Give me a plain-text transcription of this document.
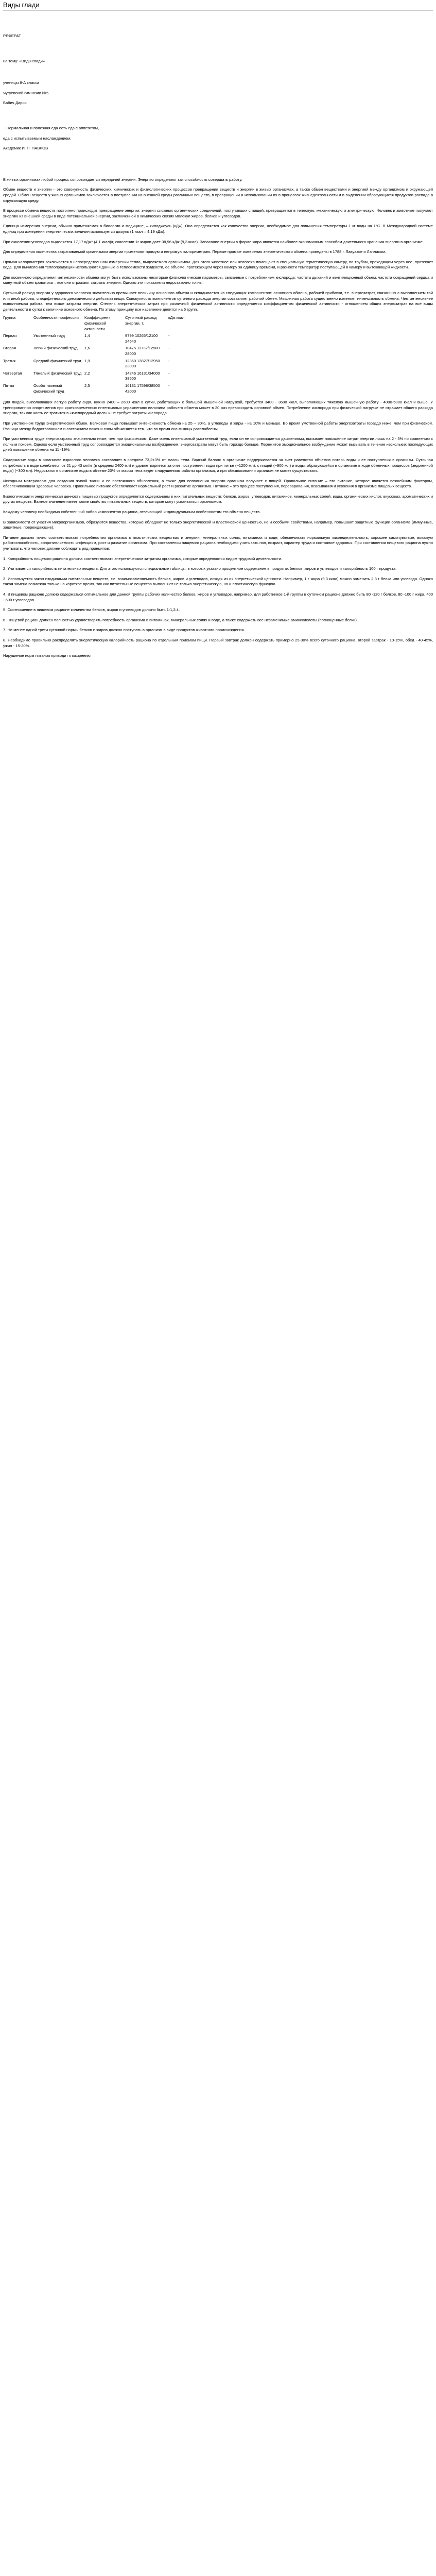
Виды глади

РЕФЕРАТ

на тему: «Виды глади»

ученицы 8-А класса

Чугуевской гимназии №5

Бабич Дарьи

...Нормальная и полезная еда есть еда с аппетитом,

еда с испытываемым наслаждением.

Академик И. П. ПАВЛОВ

В живых организмах любой процесс сопровождается передачей энергии. Энергию определяют как способность совершать работу.

Обмен веществ и энергии – это совокупность физических, химических и физиологических процессов превращения веществ и энергии в живых организмах, а также обмен веществами и энергией между организмом и окружающей средой. Обмен веществ у живых организмов заключается в поступлении из внешней среды различных веществ, в превращении и использовании их в процессах жизнедеятельности и в выделении образующихся продуктов распада в окружающую среду.

В процессе обмена веществ постоянно происходит превращение энергии: энергия сложных органических соединений, поступивших с пищей, превращается в тепловую, механическую и электрическую. Человек и животные получают энергию из внешней среды в виде потенциальной энергии, заключенной в химических связях молекул жиров, белков и углеводов.

Единица измерения энергии, обычно применяемая в биологии и медицине, – килоджоуль (кДж). Она определяется как количество энергии, необходимое для повышения температуры 1 кг воды на 1°С. В Международной системе единиц при измерении энергетических величин используется джоуль (1 ккал = 4,19 кДж).

При окислении углеводов выделяется 17,17 кДж* (4,1 ккал)/г, окислении 1г жиров дает 38,96 кДж (9,3 ккал). Запасание энергии в форме жира является наиболее экономичным способом длительного хранения энергии в организме.

Для определения количества затрачиваемой организмом энергии применяют прямую и непрямую калориметрию. Первые прямые измерения энергетического обмена проведены в 1788 г. Лавуазье и Лапласом.

Прямая калориметрия заключается в непосредственном измерении тепла, выделяемого организмом. Для этого животное или человека помещают в специальную герметическую камеру, по трубам, проходящим через нее, протекает вода. Для вычисления теплопродукции используются данные о теплоемкости жидкости, ее объеме, протекающем через камеру за единицу времени, и разности температур поступающей в камеру и вытекающей жидкости.

Для косвенного определения интенсивности обмена могут быть использованы некоторые физиологические параметры, связанные с потреблением кислорода: частота дыханий и вентиляционный объем, частота сокращений сердца и минутный объем кровотока – все они отражают затраты энергии. Однако эти показатели недостаточно точны.

Суточный расход энергии у здорового человека значительно превышает величину основного обмена и складывается из следующих компонентов: основного обмена, рабочей прибавки, т.е. энергозатрат, связанных с выполнением той или иной работы, специфического динамического действия пищи. Совокупность компонентов суточного расхода энергии составляет рабочий обмен. Мышечная работа существенно изменяет интенсивность обмена. Чем интенсивнее выполняемая работа, тем выше затраты энергии. Степень энергетических затрат при различной физической активности определяется коэффициентом физической активности - отношением общих энергозатрат на все виды деятельности в сутки к величине основного обмена. По этому принципу все население делится на 5 групп.

Группа	Особенности профессии	Коэффициент физической активности	Суточный расход энергии, т.	кДж ккал
Первая	Умственный труд	1,4	9799 10265/12100 24540	-
Вторая	Легкий физический труд	1,6	10475 11732/12500 28000	-
Третья	Средний физический труд	1,9	12360 13827/12950 33000	-
Четвертая	Тяжелый физический труд	2,2	14246 16131/34000 38500	-
Пятая	Особо тяжелый физический труд	2,5	16131 17598/38500 42000	-

Для людей, выполняющих легкую работу сидя, нужно 2400 – 2600 ккал в сутки, работающих с большой мышечной нагрузкой, требуется 3400 - 3600 ккал, выполняющих тяжелую мышечную работу - 4000-5000 ккал и выше. У тренированных спортсменов при кратковременных интенсивных упражнениях величина рабочего обмена может в 20 раз превосходить основной обмен. Потребление кислорода при физической нагрузке не отражает общего расхода энергии, так как часть ее тратится в «кислородный долг» и не требует затраты кислорода.

При умственном труде энергетический обмен. Белковая пища повышает интенсивность обмена на 25 – 30%, а углеводы и жиры - на 10% и меньше. Во время умственной работы энергозатраты гораздо ниже, чем при физической. Разница между бодрствованием и состоянием покоя и сном объясняется тем, что во время сна мышцы расслаблены.

При умственном труде энергозатраты значительно ниже, чем при физическом. Даже очень интенсивный умственный труд, если он не сопровождается движениями, вызывает повышение затрат энергии лишь на 2 - 3% по сравнению с полным покоем. Однако если умственный труд сопровождается эмоциональным возбуждением, энергозатраты могут быть гораздо больше. Пережитое эмоциональное возбуждение может вызывать в течение нескольких последующих дней повышение обмена на 11 -19%.

Содержание воды в организме взрослого человека составляет в среднем 73,2±3% от массы тела. Водный баланс в организме поддерживается за счет равенства объемов потерь воды и ее поступления в организм. Суточная потребность в воде колеблется от 21 до 43 мл/кг (в среднем 2400 мл) и удовлетворяется за счет поступления воды при питье (~1200 мл), с пищей (~900 мл) и воды, образующейся в организме в ходе обменных процессов (эндогенной воды) (~300 мл). Недостаток в организме воды в объеме 20% от массы тела ведет к нарушениям работы организма, а при обезвоживании организм не может существовать.

Исходным материалом для создания живой ткани и ее постоянного обновления, а также для пополнения энергии организм получает с пищей. Правильное питание – это питание, которое является важнейшим фактором, обеспечивающим здоровье человека. Правильное питание обеспечивает нормальный рост и развитие организма. Питание – это процесс поступления, переваривания, всасывания и усвоения в организме пищевых веществ.

Биологическая и энергетическая ценность пищевых продуктов определяется содержанием в них питательных веществ: белков, жиров, углеводов, витаминов, минеральных солей, воды, органических кислот, вкусовых, ароматических и других веществ. Важное значение имеет также свойство питательных веществ, которые могут усваиваться организмом.

Каждому человеку необходимо собственный набор компонентов рациона, отвечающий индивидуальным особенностям его обмена веществ.

В зависимости от участия микроорганизмов, образуются вещества, которые обладают не только энергетической и пластической ценностью, но и особыми свойствами, например, повышают защитные функции организма (иммунные, защитные, повреждающие).

Питание должно точно соответствовать потребностям организма в пластических веществах и энергии, минеральных солях, витаминах и воде, обеспечивать нормальную жизнедеятельность, хорошее самочувствие, высокую работоспособность, сопротивляемость инфекциям, рост и развитие организма. При составлении пищевого рациона необходимо учитывать пол, возраст, характер труда и состояние здоровья. При составлении пищевого рациона нужно учитывать, что человек должен соблюдать ряд принципов:

1. Калорийность пищевого рациона должна соответствовать энергетическим затратам организма, которые определяются видом трудовой деятельности.

2. Учитывается калорийность питательных веществ. Для этого используются специальные таблицы, в которых указано процентное содержание в продуктах белков, жиров и углеводов и калорийность 100 г продукта.

3. Используется закон изодинамии питательных веществ, т.е. взаимозаменяемость белков, жиров и углеводов, исходя из их энергетической ценности. Например, 1 г жира (9,3 ккал) можно заменить 2,3 г белка или углевода. Однако такая замена возможна только на короткое время, так как питательные вещества выполняют не только энергетическую, но и пластическую функцию.

4. В пищевом рационе должно содержаться оптимальное для данной группы рабочих количество белков, жиров и углеводов, например, для работников 1-й группы в суточном рационе должно быть 80 -120 г белков, 80 -100 г жира, 400 - 600 г углеводов.

5. Соотношение в пищевом рационе количества белков, жиров и углеводов должно быть 1:1,2:4.

6. Пищевой рацион должен полностью удовлетворять потребность организма в витаминах, минеральных солях и воде, а также содержать все незаменимые аминокислоты (полноценные белки).

7. Не менее одной трети суточной нормы белков и жиров должно поступать в организм в виде продуктов животного происхождения.

8. Необходимо правильно распределять энергетическую калорийность рациона по отдельным приемам пищи. Первый завтрак должен содержать примерно 25-30% всего суточного рациона, второй завтрак - 10-15%, обед - 40-45%, ужин - 15-20%.

Нарушение норм питания приводит к ожирению.
